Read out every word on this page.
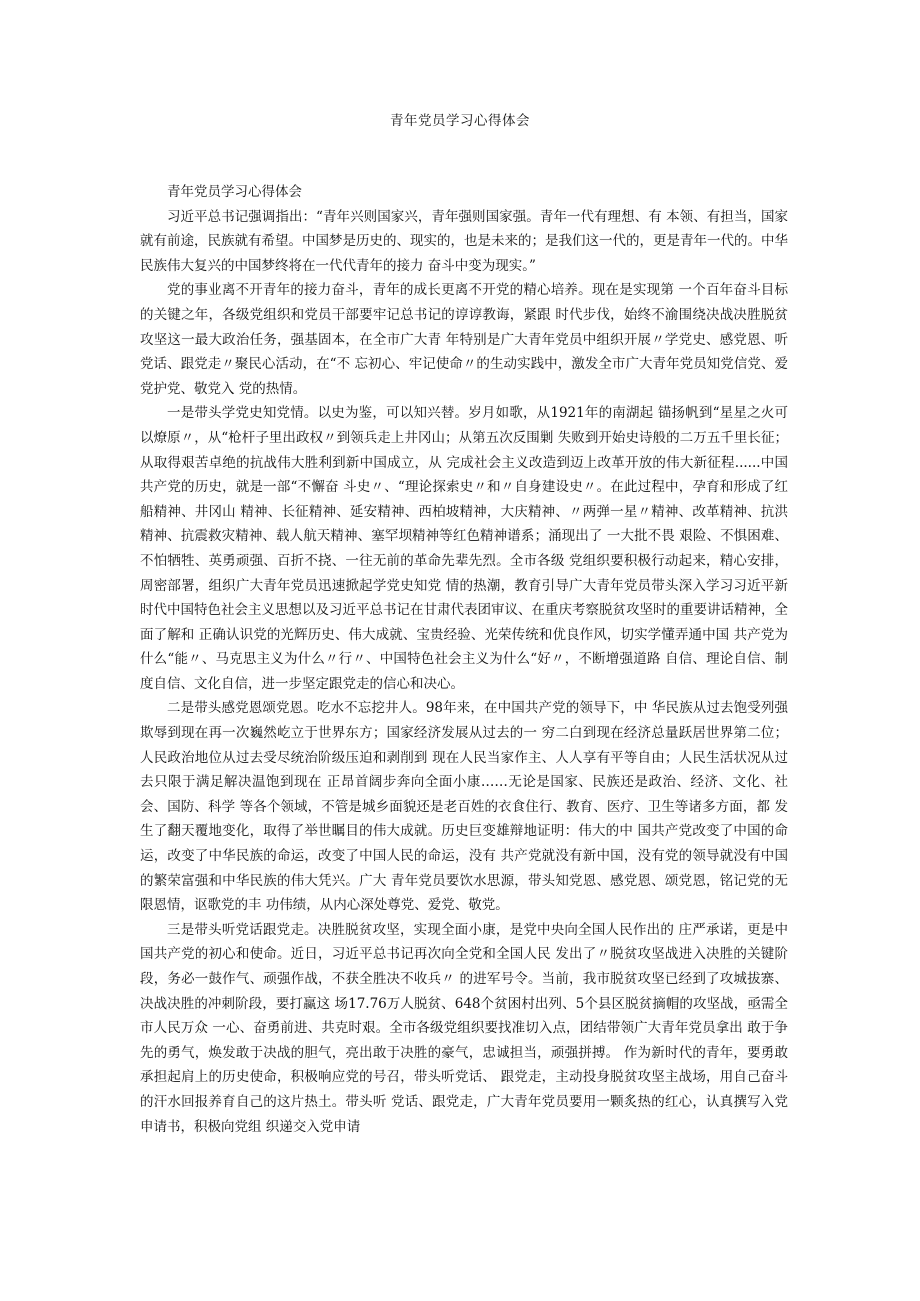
青年党员学习心得体会

青年党员学习心得体会

习近平总书记强调指出：“青年兴则国家兴，青年强则国家强。青年一代有理想、有 本领、有担当，国家就有前途，民族就有希望。中国梦是历史的、现实的，也是未来的；是我们这一代的，更是青年一代的。中华民族伟大复兴的中国梦终将在一代代青年的接力 奋斗中变为现实。”

党的事业离不开青年的接力奋斗，青年的成长更离不开党的精心培养。现在是实现第 一个百年奋斗目标的关键之年，各级党组织和党员干部要牢记总书记的谆谆教诲，紧跟 时代步伐，始终不渝围绕决战决胜脱贫攻坚这一最大政治任务，强基固本，在全市广大青 年特别是广大青年党员中组织开展〃学党史、感党恩、听党话、跟党走〃聚民心活动，在“不 忘初心、牢记使命〃的生动实践中，激发全市广大青年党员知党信党、爱党护党、敬党入 党的热情。

一是带头学党史知党情。以史为鉴，可以知兴替。岁月如歌，从1921年的南湖起 锚扬帆到“星星之火可以燎原〃，从“枪杆子里出政权〃到领兵走上井冈山；从第五次反围剿 失败到开始史诗般的二万五千里长征；从取得艰苦卓绝的抗战伟大胜利到新中国成立，从 完成社会主义改造到迈上改革开放的伟大新征程......中国共产党的历史，就是一部“不懈奋 斗史〃、“理论探索史〃和〃自身建设史〃。在此过程中，孕育和形成了红船精神、井冈山 精神、长征精神、延安精神、西柏坡精神，大庆精神、〃两弹一星〃精神、改革精神、抗洪 精神、抗震救灾精神、载人航天精神、塞罕坝精神等红色精神谱系；涌现出了 一大批不畏 艰险、不惧困难、不怕牺牲、英勇顽强、百折不挠、一往无前的革命先辈先烈。全市各级 党组织要积极行动起来，精心安排，周密部署，组织广大青年党员迅速掀起学党史知党 情的热潮，教育引导广大青年党员带头深入学习习近平新时代中国特色社会主义思想以及习近平总书记在甘肃代表团审议、在重庆考察脱贫攻坚时的重要讲话精神，全面了解和 正确认识党的光辉历史、伟大成就、宝贵经验、光荣传统和优良作风，切实学懂弄通中国 共产党为什么“能〃、马克思主义为什么〃行〃、中国特色社会主义为什么“好〃，不断增强道路 自信、理论自信、制度自信、文化自信，进一步坚定跟党走的信心和决心。

二是带头感党恩颂党恩。吃水不忘挖井人。98年来，在中国共产党的领导下，中 华民族从过去饱受列强欺辱到现在再一次巍然屹立于世界东方；国家经济发展从过去的一 穷二白到现在经济总量跃居世界第二位；人民政治地位从过去受尽统治阶级压迫和剥削到 现在人民当家作主、人人享有平等自由；人民生活状况从过去只限于满足解决温饱到现在 正昂首阔步奔向全面小康……无论是国家、民族还是政治、经济、文化、社会、国防、科学 等各个领域，不管是城乡面貌还是老百姓的衣食住行、教育、医疗、卫生等诸多方面，都 发生了翻天覆地变化，取得了举世瞩目的伟大成就。历史巨变雄辩地证明：伟大的中 国共产党改变了中国的命运，改变了中华民族的命运，改变了中国人民的命运，没有 共产党就没有新中国，没有党的领导就没有中国的繁荣富强和中华民族的伟大凭兴。广大 青年党员要饮水思源，带头知党恩、感党恩、颂党恩，铭记党的无限恩情，讴歌党的丰 功伟绩，从内心深处尊党、爱党、敬党。

三是带头听党话跟党走。决胜脱贫攻坚，实现全面小康，是党中央向全国人民作出的 庄严承诺，更是中国共产党的初心和使命。近日，习近平总书记再次向全党和全国人民 发出了〃脱贫攻坚战进入决胜的关键阶段，务必一鼓作气、顽强作战，不获全胜决不收兵〃 的进军号令。当前，我市脱贫攻坚已经到了攻城拔寨、决战决胜的冲刺阶段，要打赢这 场17.76万人脱贫、648个贫困村出列、5个县区脱贫摘帽的攻坚战，亟需全市人民万众 一心、奋勇前进、共克时艰。全市各级党组织要找准切入点，团结带领广大青年党员拿出 敢于争先的勇气，焕发敢于决战的胆气，亮出敢于决胜的豪气，忠诚担当，顽强拼搏。 作为新时代的青年，要勇敢承担起肩上的历史使命，积极响应党的号召，带头听党话、 跟党走，主动投身脱贫攻坚主战场，用自己奋斗的汗水回报养育自己的这片热土。带头听 党话、跟党走，广大青年党员要用一颗炙热的红心，认真撰写入党申请书，积极向党组 织递交入党申请
